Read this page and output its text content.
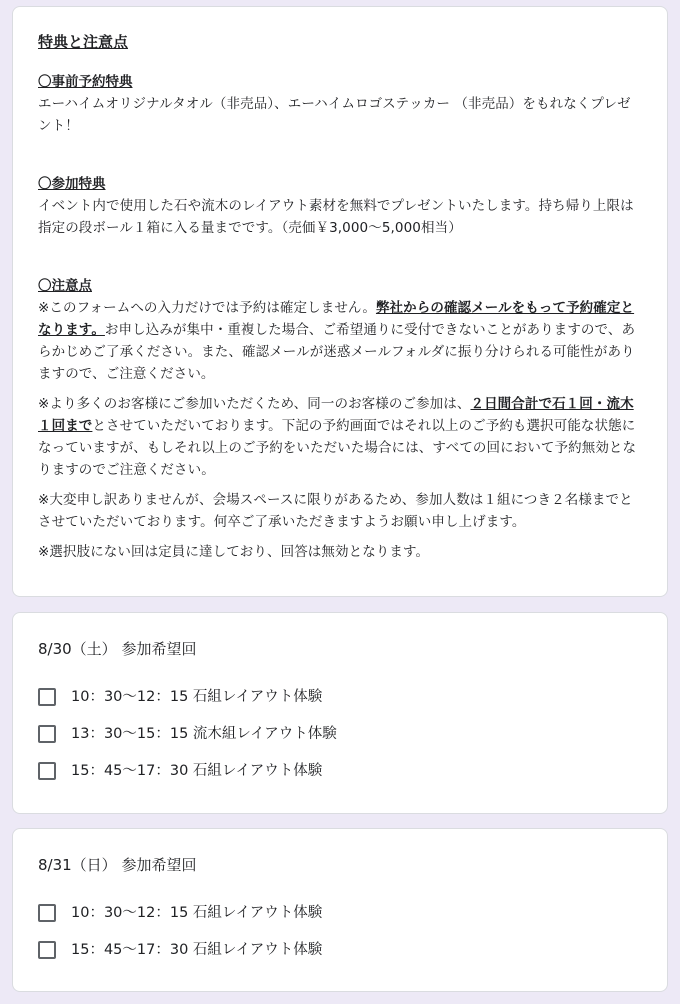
特典と注意点
〇事前予約特典

エーハイムオリジナルタオル（非売品）、エーハイムロゴステッカー （非売品）をもれなくプレゼント！

〇参加特典

イベント内で使用した石や流木のレイアウト素材を無料でプレゼントいたします。持ち帰り上限は指定の段ボール１箱に入る量までです。（売価￥3,000〜5,000相当）

〇注意点

※このフォームへの入力だけでは予約は確定しません。弊社からの確認メールをもって予約確定となります。お申し込みが集中・重複した場合、ご希望通りに受付できないことがありますので、あらかじめご了承ください。また、確認メールが迷惑メールフォルダに振り分けられる可能性がありますので、ご注意ください。

※より多くのお客様にご参加いただくため、同一のお客様のご参加は、２日間合計で石１回・流木１回までとさせていただいております。下記の予約画面ではそれ以上のご予約も選択可能な状態になっていますが、もしそれ以上のご予約をいただいた場合には、すべての回において予約無効となりますのでご注意ください。

※大変申し訳ありませんが、会場スペースに限りがあるため、参加人数は１組につき２名様までとさせていただいております。何卒ご了承いただきますようお願い申し上げます。

※選択肢にない回は定員に達しており、回答は無効となります。

8/30（土） 参加希望回
10：30〜12：15 石組レイアウト体験
13：30〜15：15 流木組レイアウト体験
15：45〜17：30 石組レイアウト体験
8/31（日） 参加希望回
10：30〜12：15 石組レイアウト体験
15：45〜17：30 石組レイアウト体験
